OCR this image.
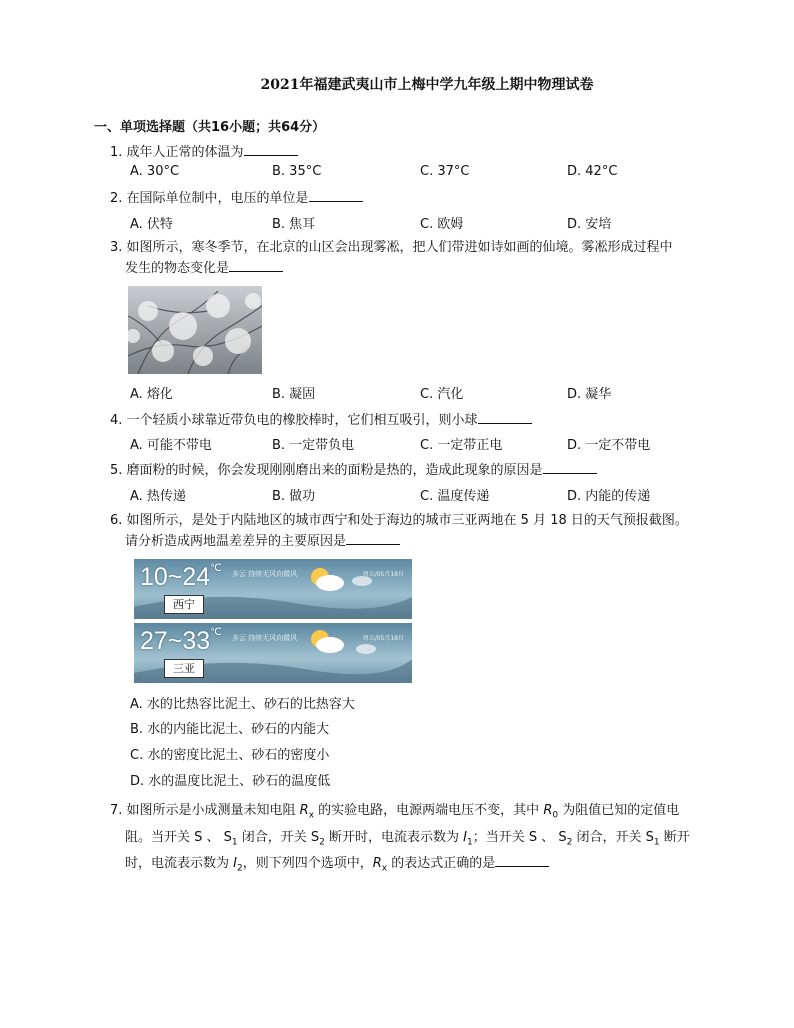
2021年福建武夷山市上梅中学九年级上期中物理试卷
一、单项选择题（共16小题；共64分）
1. 成年人正常的体温为
A. 30°C	B. 35°C	C. 37°C	D. 42°C
2. 在国际单位制中，电压的单位是
A. 伏特	B. 焦耳	C. 欧姆	D. 安培
3. 如图所示，寒冬季节，在北京的山区会出现雾凇，把人们带进如诗如画的仙境。雾凇形成过程中
发生的物态变化是
A. 熔化	B. 凝固	C. 汽化	D. 凝华
4. 一个轻质小球靠近带负电的橡胶棒时，它们相互吸引，则小球
A. 可能不带电	B. 一定带负电	C. 一定带正电	D. 一定不带电
5. 磨面粉的时候，你会发现刚刚磨出来的面粉是热的，造成此现象的原因是
A. 热传递	B. 做功	C. 温度传递	D. 内能的传递
6. 如图所示，是处于内陆地区的城市西宁和处于海边的城市三亚两地在 5 月 18 日的天气预报截图。
请分析造成两地温差差异的主要原因是
10~24℃ 多云 持续无风向微风	周五/05月18日
西宁
27~33℃ 多云 持续无风向微风	周五/05月18日
三亚
A. 水的比热容比泥土、砂石的比热容大
B. 水的内能比泥土、砂石的内能大
C. 水的密度比泥土、砂石的密度小
D. 水的温度比泥土、砂石的温度低
7. 如图所示是小成测量未知电阻 $R_x$ 的实验电路，电源两端电压不变，其中 $R_0$ 为阻值已知的定值电
阻。当开关 S 、 $S_1$ 闭合，开关 $S_2$ 断开时，电流表示数为 $I_1$；当开关 S 、 $S_2$ 闭合，开关 $S_1$ 断开
时，电流表示数为 $I_2$，则下列四个选项中，$R_x$ 的表达式正确的是
